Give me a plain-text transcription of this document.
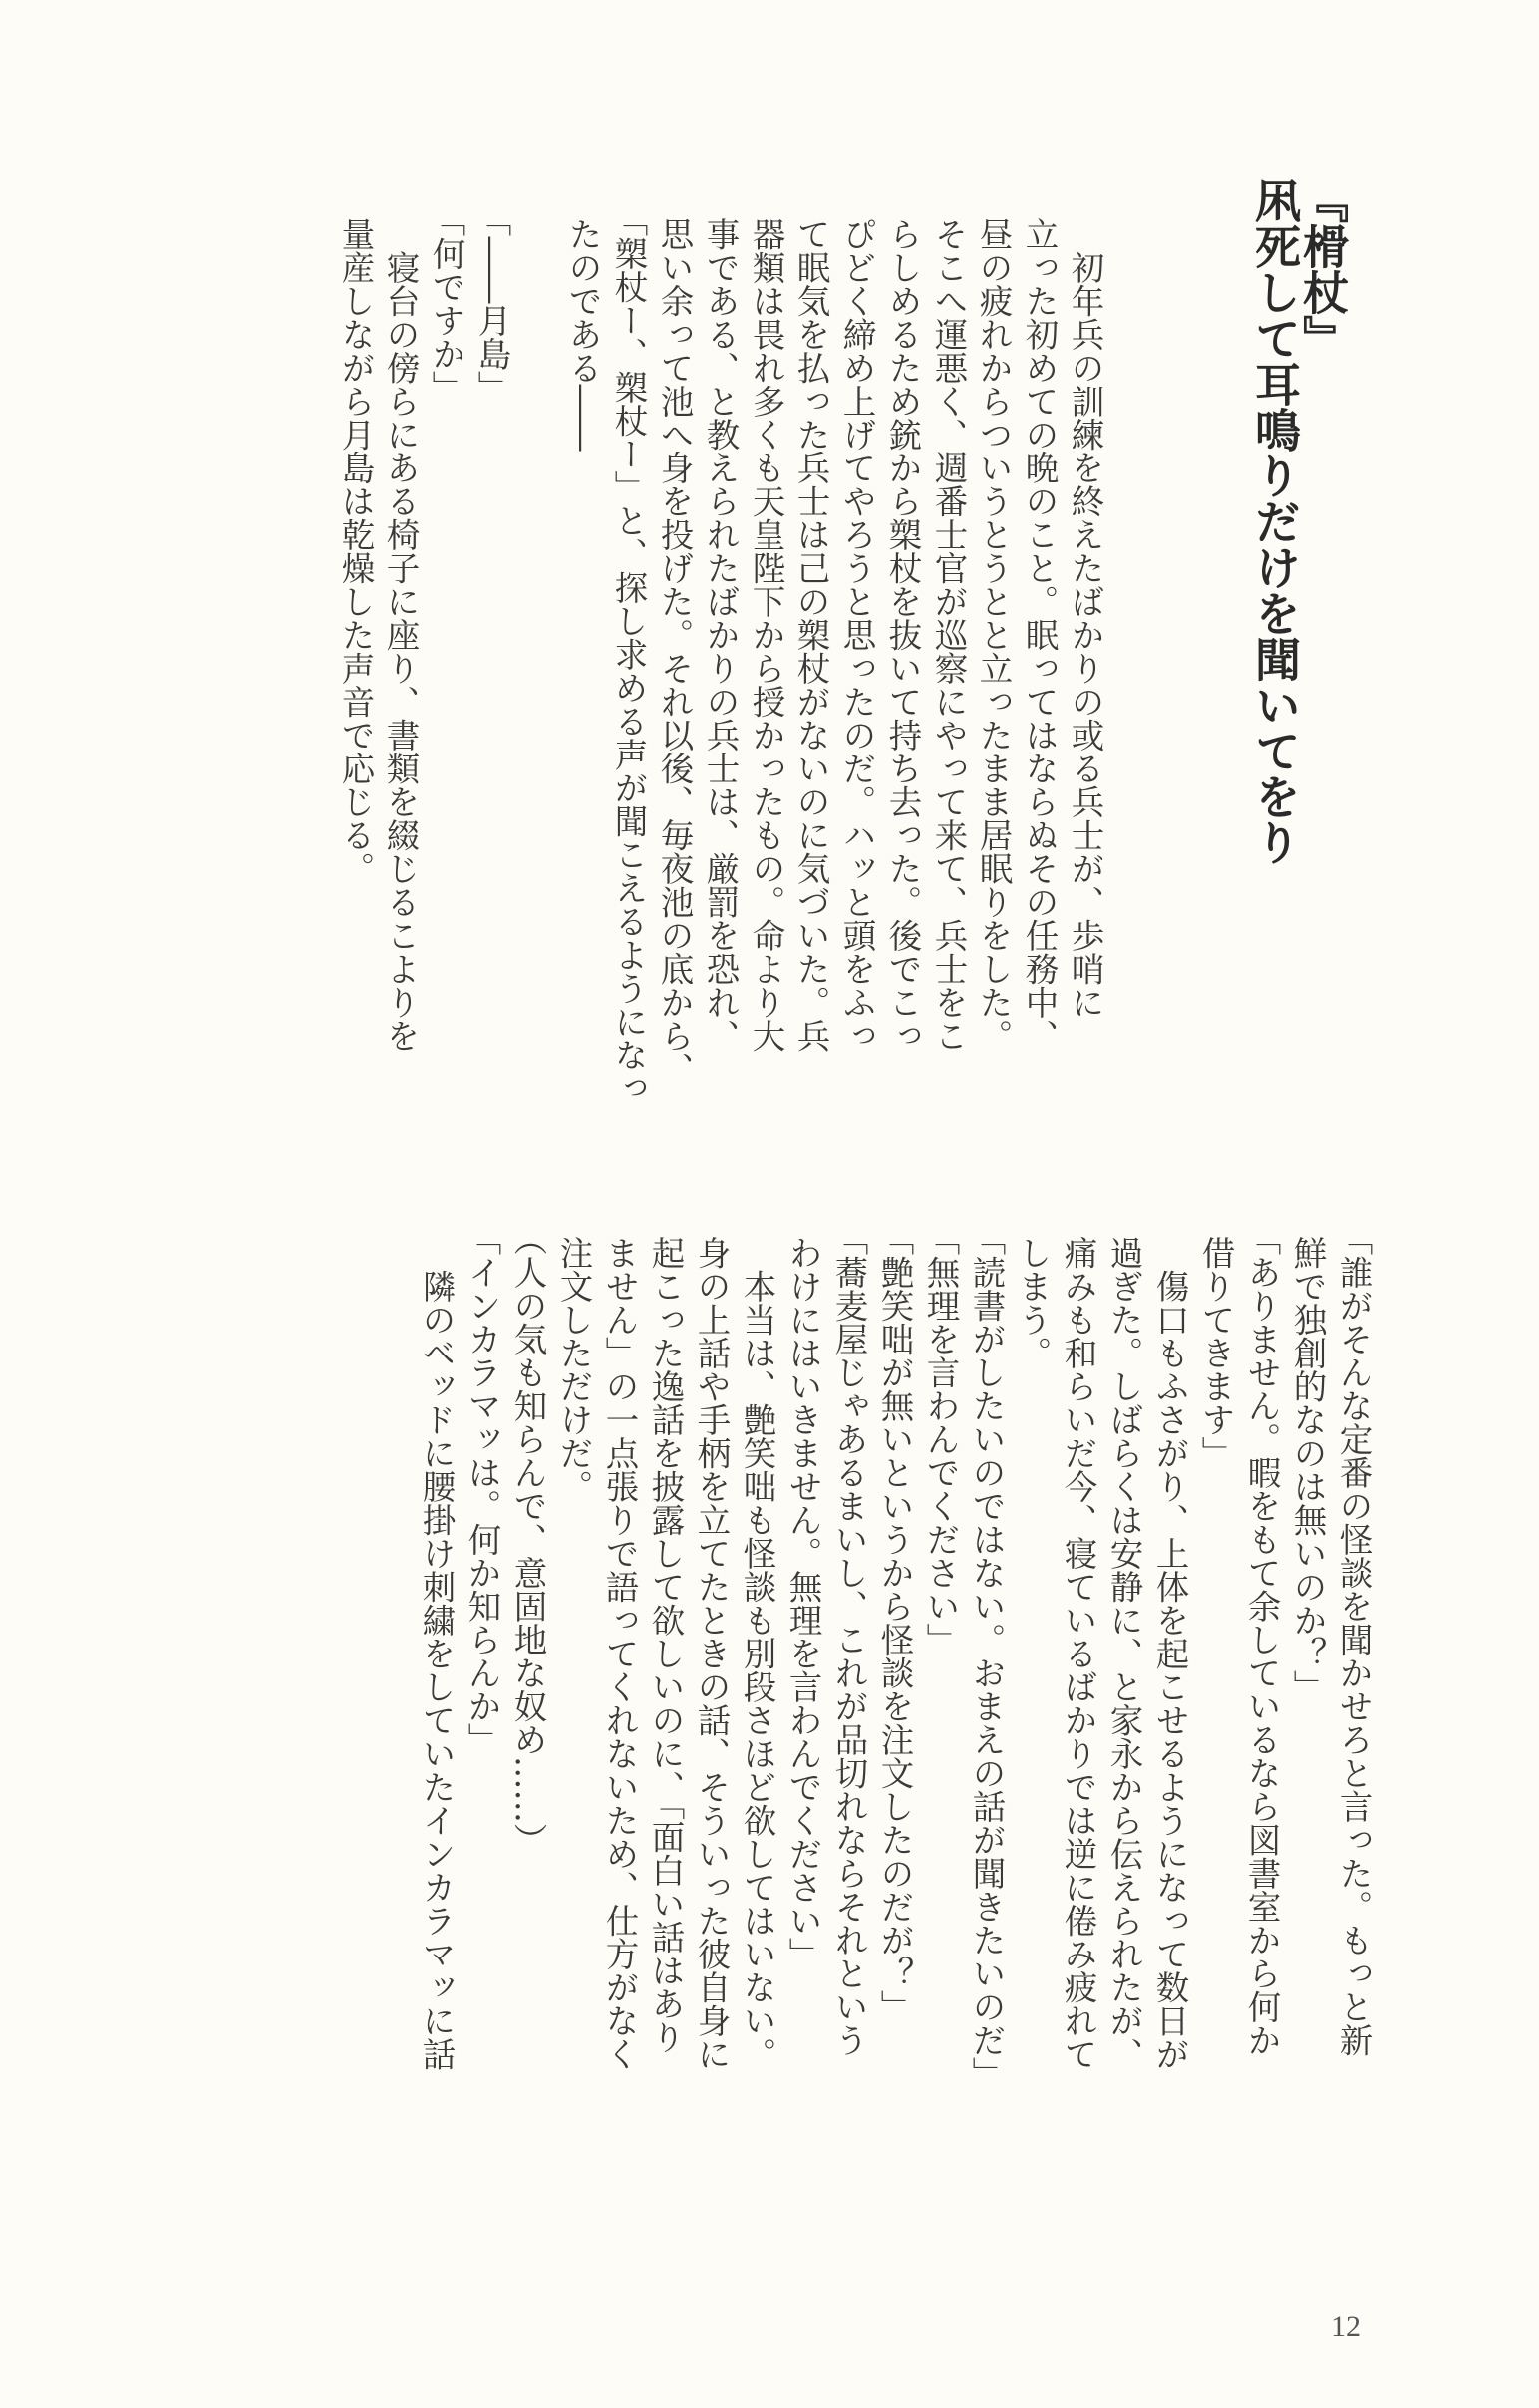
『榾杖』
凩死して耳鳴りだけを聞いてをり

　初年兵の訓練を終えたばかりの或る兵士が、歩哨に

立った初めての晩のこと。眠ってはならぬその任務中、

昼の疲れからついうとうとと立ったまま居眠りをした。

そこへ運悪く、週番士官が巡察にやって来て、兵士をこ

らしめるため銃から槊杖を抜いて持ち去った。後でこっ

ぴどく締め上げてやろうと思ったのだ。ハッと頭をふっ

て眠気を払った兵士は己の槊杖がないのに気づいた。兵

器類は畏れ多くも天皇陛下から授かったもの。命より大

事である、と教えられたばかりの兵士は、厳罰を恐れ、

思い余って池へ身を投げた。それ以後、毎夜池の底から、

「槊杖ー、槊杖ー」と、探し求める声が聞こえるようになっ

たのである――

「――月島」

「何ですか」

　寝台の傍らにある椅子に座り、書類を綴じるこよりを

量産しながら月島は乾燥した声音で応じる。

「誰がそんな定番の怪談を聞かせろと言った。もっと新

鮮で独創的なのは無いのか？」

「ありません。暇をもて余しているなら図書室から何か

借りてきます」

　傷口もふさがり、上体を起こせるようになって数日が

過ぎた。しばらくは安静に、と家永から伝えられたが、

痛みも和らいだ今、寝ているばかりでは逆に倦み疲れて

しまう。

「読書がしたいのではない。おまえの話が聞きたいのだ」

「無理を言わんでください」

「艶笑咄が無いというから怪談を注文したのだが？」

「蕎麦屋じゃあるまいし、これが品切れならそれという

わけにはいきません。無理を言わんでください」

　本当は、艶笑咄も怪談も別段さほど欲してはいない。

身の上話や手柄を立てたときの話、そういった彼自身に

起こった逸話を披露して欲しいのに、「面白い話はあり

ません」の一点張りで語ってくれないため、仕方がなく

注文しただけだ。

（人の気も知らんで、意固地な奴め……）

「インカラマッは。何か知らんか」

　隣のベッドに腰掛け刺繍をしていたインカラマッに話

12
